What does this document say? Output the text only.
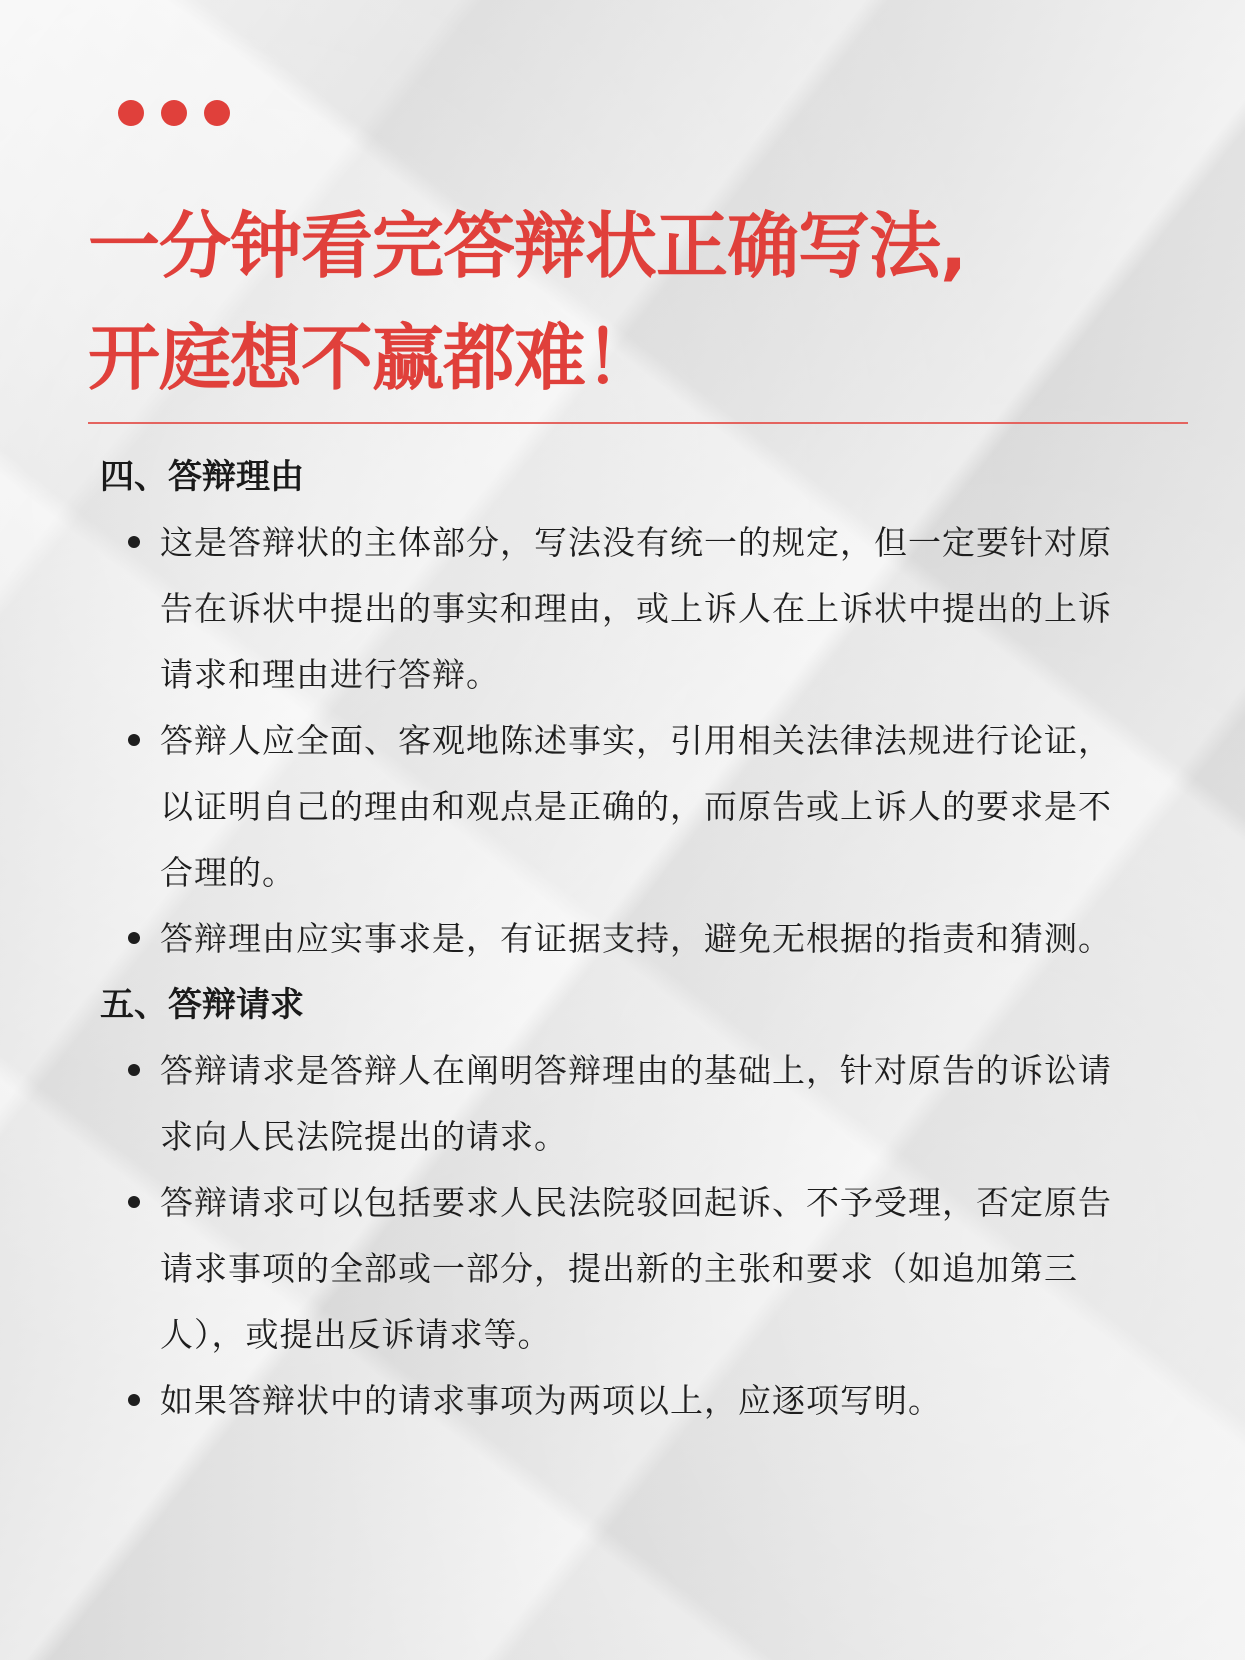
一分钟看完答辩状正确写法,
开庭想不赢都难！
四、答辩理由
这是答辩状的主体部分，写法没有统一的规定，但一定要针对原告在诉状中提出的事实和理由，或上诉人在上诉状中提出的上诉请求和理由进行答辩。
答辩人应全面、客观地陈述事实，引用相关法律法规进行论证，以证明自己的理由和观点是正确的，而原告或上诉人的要求是不合理的。
答辩理由应实事求是，有证据支持，避免无根据的指责和猜测。
五、答辩请求
答辩请求是答辩人在阐明答辩理由的基础上，针对原告的诉讼请求向人民法院提出的请求。
答辩请求可以包括要求人民法院驳回起诉、不予受理，否定原告请求事项的全部或一部分，提出新的主张和要求（如追加第三人），或提出反诉请求等。
如果答辩状中的请求事项为两项以上，应逐项写明。
